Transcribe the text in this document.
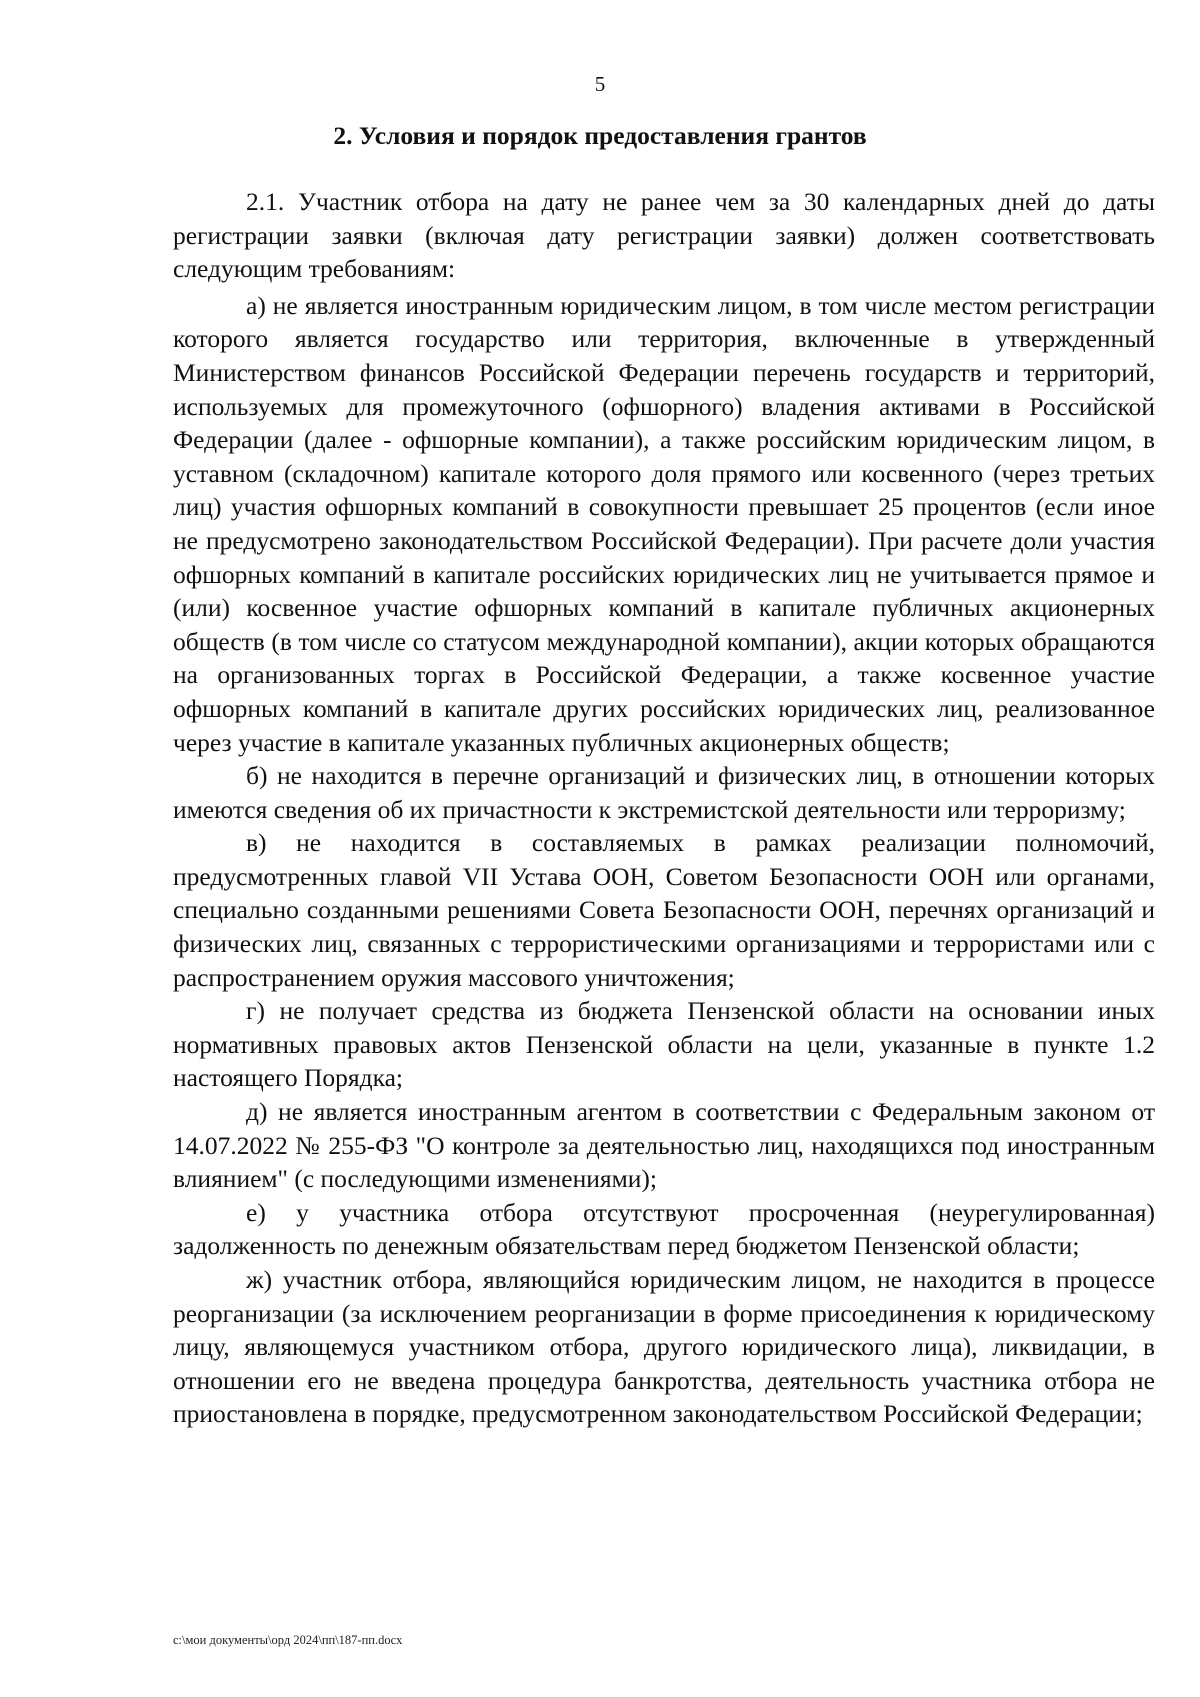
5
2. Условия и порядок предоставления грантов

2.1. Участник отбора на дату не ранее чем за 30 календарных дней до даты регистрации заявки (включая дату регистрации заявки) должен соответствовать следующим требованиям:

а) не является иностранным юридическим лицом, в том числе местом регистрации которого является государство или территория, включенные в утвержденный Министерством финансов Российской Федерации перечень государств и территорий, используемых для промежуточного (офшорного) владения активами в Российской Федерации (далее - офшорные компании), а также российским юридическим лицом, в уставном (складочном) капитале которого доля прямого или косвенного (через третьих лиц) участия офшорных компаний в совокупности превышает 25 процентов (если иное не предусмотрено законодательством Российской Федерации). При расчете доли участия офшорных компаний в капитале российских юридических лиц не учитывается прямое и (или) косвенное участие офшорных компаний в капитале публичных акционерных обществ (в том числе со статусом международной компании), акции которых обращаются на организованных торгах в Российской Федерации, а также косвенное участие офшорных компаний в капитале других российских юридических лиц, реализованное через участие в капитале указанных публичных акционерных обществ;

б) не находится в перечне организаций и физических лиц, в отношении которых имеются сведения об их причастности к экстремистской деятельности или терроризму;

в) не находится в составляемых в рамках реализации полномочий, предусмотренных главой VII Устава ООН, Советом Безопасности ООН или органами, специально созданными решениями Совета Безопасности ООН, перечнях организаций и физических лиц, связанных с террористическими организациями и террористами или с распространением оружия массового уничтожения;

г) не получает средства из бюджета Пензенской области на основании иных нормативных правовых актов Пензенской области на цели, указанные в пункте 1.2 настоящего Порядка;

д) не является иностранным агентом в соответствии с Федеральным законом от 14.07.2022 № 255-ФЗ "О контроле за деятельностью лиц, находящихся под иностранным влиянием" (с последующими изменениями);

е) у участника отбора отсутствуют просроченная (неурегулированная) задолженность по денежным обязательствам перед бюджетом Пензенской области;

ж) участник отбора, являющийся юридическим лицом, не находится в процессе реорганизации (за исключением реорганизации в форме присоединения к юридическому лицу, являющемуся участником отбора, другого юридического лица), ликвидации, в отношении его не введена процедура банкротства, деятельность участника отбора не приостановлена в порядке, предусмотренном законодательством Российской Федерации;

c:\мои документы\орд 2024\пп\187-пп.docx
